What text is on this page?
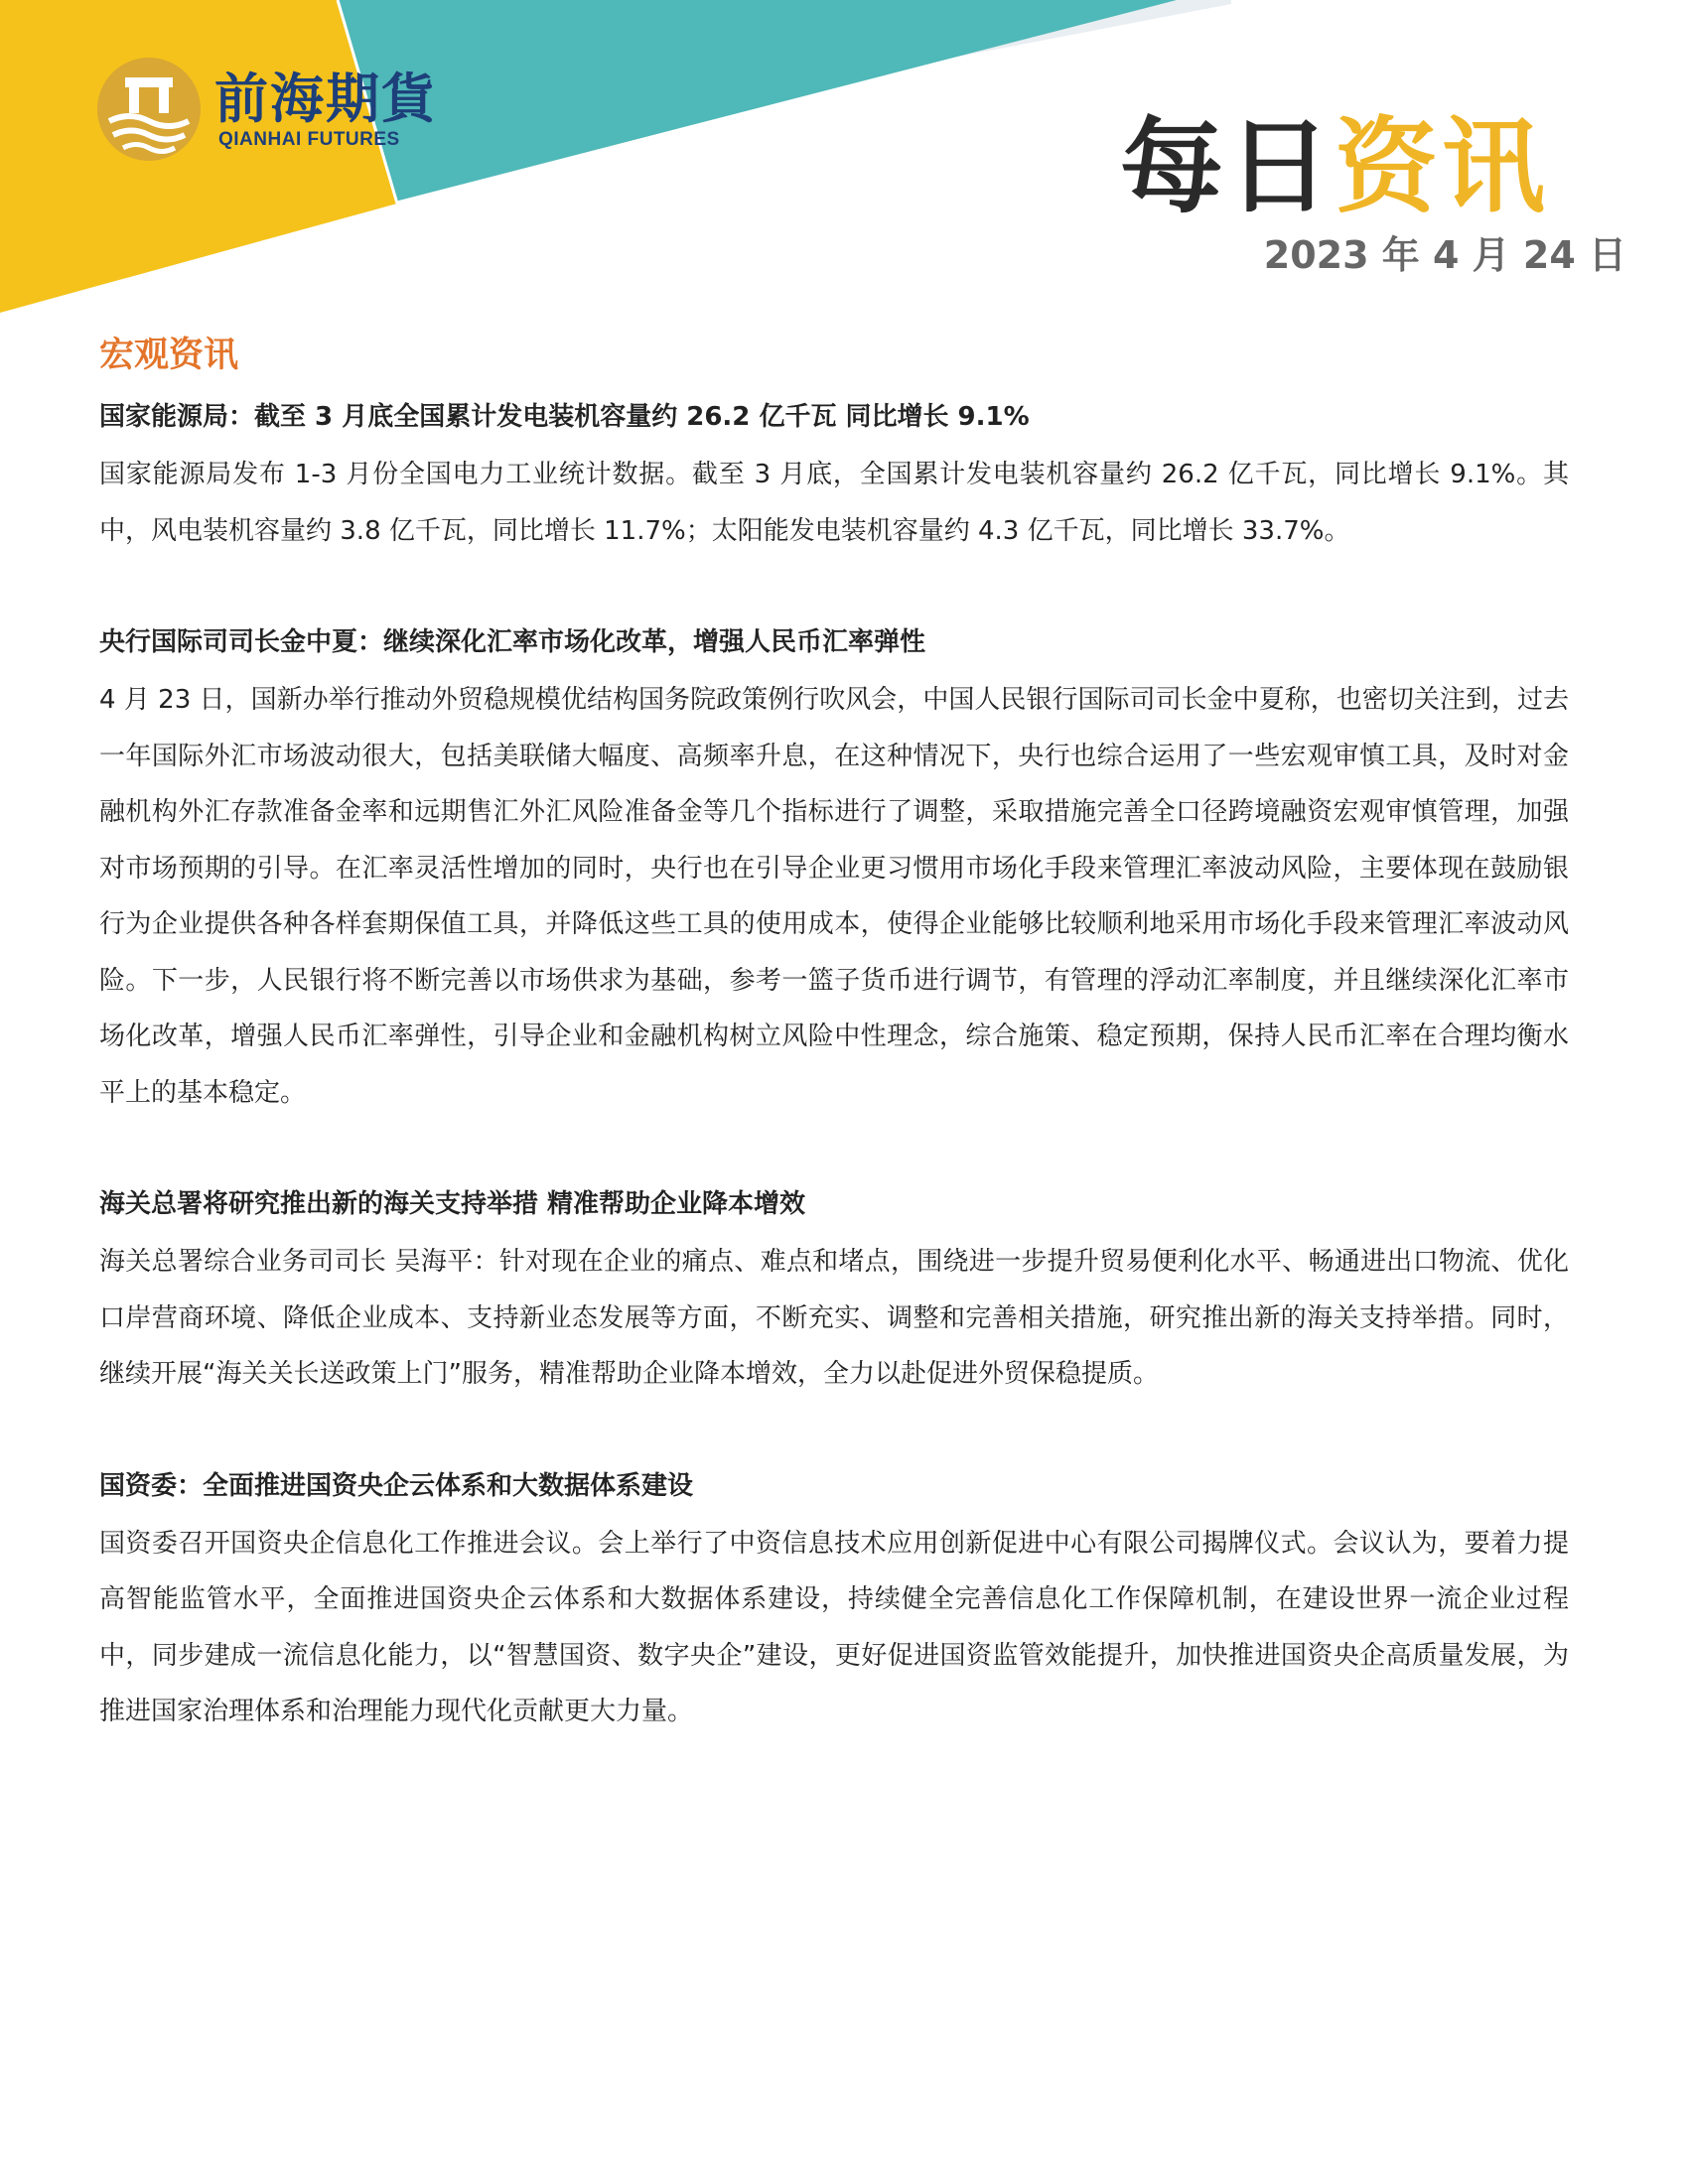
前海期貨
QIANHAI FUTURES	每日资讯
2023 年 4 月 24 日
宏观资讯
国家能源局：截至 3 月底全国累计发电装机容量约 26.2 亿千瓦 同比增长 9.1%

国家能源局发布 1-3 月份全国电力工业统计数据。截至 3 月底，全国累计发电装机容量约 26.2 亿千瓦，同比增长 9.1%。其中，风电装机容量约 3.8 亿千瓦，同比增长 11.7%；太阳能发电装机容量约 4.3 亿千瓦，同比增长 33.7%。

央行国际司司长金中夏：继续深化汇率市场化改革，增强人民币汇率弹性

4 月 23 日，国新办举行推动外贸稳规模优结构国务院政策例行吹风会，中国人民银行国际司司长金中夏称，也密切关注到，过去一年国际外汇市场波动很大，包括美联储大幅度、高频率升息，在这种情况下，央行也综合运用了一些宏观审慎工具，及时对金融机构外汇存款准备金率和远期售汇外汇风险准备金等几个指标进行了调整，采取措施完善全口径跨境融资宏观审慎管理，加强对市场预期的引导。在汇率灵活性增加的同时，央行也在引导企业更习惯用市场化手段来管理汇率波动风险，主要体现在鼓励银行为企业提供各种各样套期保值工具，并降低这些工具的使用成本，使得企业能够比较顺利地采用市场化手段来管理汇率波动风险。下一步，人民银行将不断完善以市场供求为基础，参考一篮子货币进行调节，有管理的浮动汇率制度，并且继续深化汇率市场化改革，增强人民币汇率弹性，引导企业和金融机构树立风险中性理念，综合施策、稳定预期，保持人民币汇率在合理均衡水平上的基本稳定。

海关总署将研究推出新的海关支持举措 精准帮助企业降本增效

海关总署综合业务司司长 吴海平：针对现在企业的痛点、难点和堵点，围绕进一步提升贸易便利化水平、畅通进出口物流、优化口岸营商环境、降低企业成本、支持新业态发展等方面，不断充实、调整和完善相关措施，研究推出新的海关支持举措。同时，继续开展“海关关长送政策上门”服务，精准帮助企业降本增效，全力以赴促进外贸保稳提质。

国资委：全面推进国资央企云体系和大数据体系建设

国资委召开国资央企信息化工作推进会议。会上举行了中资信息技术应用创新促进中心有限公司揭牌仪式。会议认为，要着力提高智能监管水平，全面推进国资央企云体系和大数据体系建设，持续健全完善信息化工作保障机制，在建设世界一流企业过程中，同步建成一流信息化能力，以“智慧国资、数字央企”建设，更好促进国资监管效能提升，加快推进国资央企高质量发展，为推进国家治理体系和治理能力现代化贡献更大力量。
